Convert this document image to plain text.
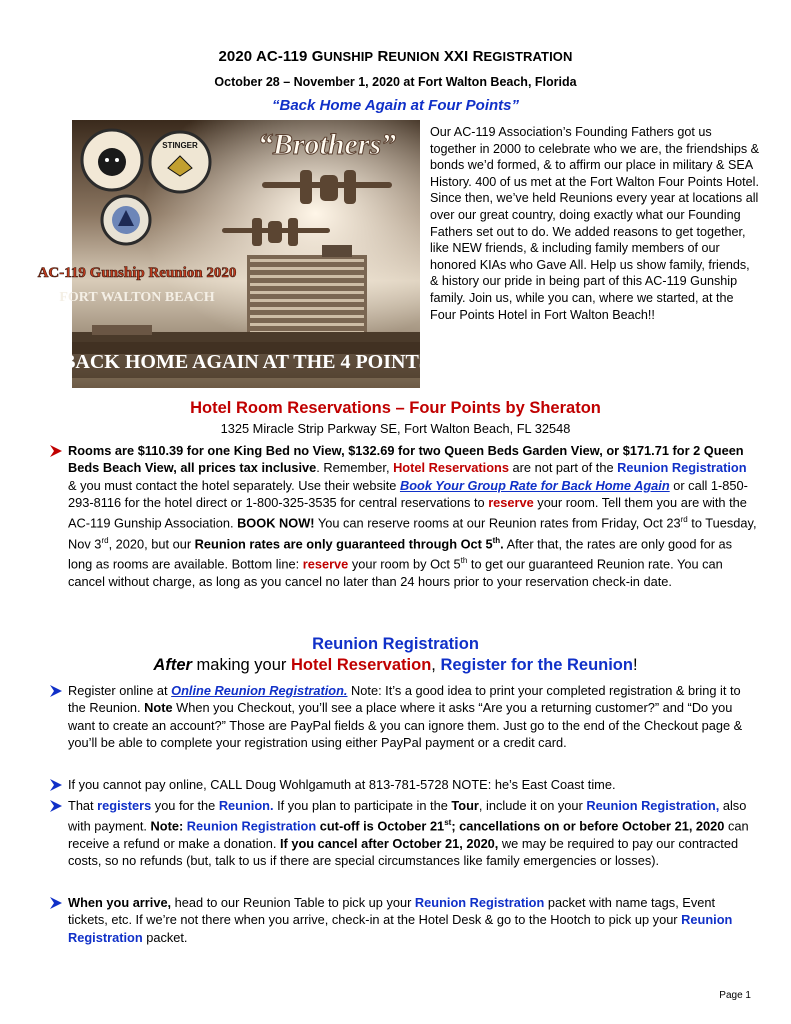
2020 AC-119 GUNSHIP REUNION XXI REGISTRATION
October 28 – November 1, 2020 at Fort Walton Beach, Florida
“Back Home Again at Four Points”
STINGER “Brothers”
AC-119 Gunship Reunion 2020
FORT WALTON BEACH
"BACK HOME AGAIN AT THE 4 POINTS"
Our AC-119 Association’s Founding Fathers got us together in 2000 to celebrate who we are, the friendships & bonds we’d formed, & to affirm our place in military & SEA History. 400 of us met at the Fort Walton Four Points Hotel. Since then, we’ve held Reunions every year at locations all over our great country, doing exactly what our Founding Fathers set out to do. We added reasons to get together, like NEW friends, & including family members of our honored KIAs who Gave All. Help us show family, friends, & history our pride in being part of this AC-119 Gunship family. Join us, while you can, where we started, at the Four Points Hotel in Fort Walton Beach!!
Hotel Room Reservations – Four Points by Sheraton
1325 Miracle Strip Parkway SE, Fort Walton Beach, FL 32548
Rooms are $110.39 for one King Bed no View, $132.69 for two Queen Beds Garden View, or $171.71 for 2 Queen Beds Beach View, all prices tax inclusive. Remember, Hotel Reservations are not part of the Reunion Registration & you must contact the hotel separately. Use their website Book Your Group Rate for Back Home Again or call 1-850-293-8116 for the hotel direct or 1-800-325-3535 for central reservations to reserve your room. Tell them you are with the AC-119 Gunship Association. BOOK NOW! You can reserve rooms at our Reunion rates from Friday, Oct 23rd to Tuesday, Nov 3rd, 2020, but our Reunion rates are only guaranteed through Oct 5th. After that, the rates are only good for as long as rooms are available. Bottom line: reserve your room by Oct 5th to get our guaranteed Reunion rate. You can cancel without charge, as long as you cancel no later than 24 hours prior to your reservation check-in date.
Reunion Registration
After making your Hotel Reservation, Register for the Reunion!
Register online at Online Reunion Registration. Note: It’s a good idea to print your completed registration & bring it to the Reunion. Note When you Checkout, you’ll see a place where it asks “Are you a returning customer?” and “Do you want to create an account?” Those are PayPal fields & you can ignore them. Just go to the end of the Checkout page & you’ll be able to complete your registration using either PayPal payment or a credit card.
If you cannot pay online, CALL Doug Wohlgamuth at 813-781-5728 NOTE: he’s East Coast time.
That registers you for the Reunion. If you plan to participate in the Tour, include it on your Reunion Registration, also with payment. Note: Reunion Registration cut-off is October 21st; cancellations on or before October 21, 2020 can receive a refund or make a donation. If you cancel after October 21, 2020, we may be required to pay our contracted costs, so no refunds (but, talk to us if there are special circumstances like family emergencies or losses).
When you arrive, head to our Reunion Table to pick up your Reunion Registration packet with name tags, Event tickets, etc. If we’re not there when you arrive, check-in at the Hotel Desk & go to the Hootch to pick up your Reunion Registration packet.
Page 1
